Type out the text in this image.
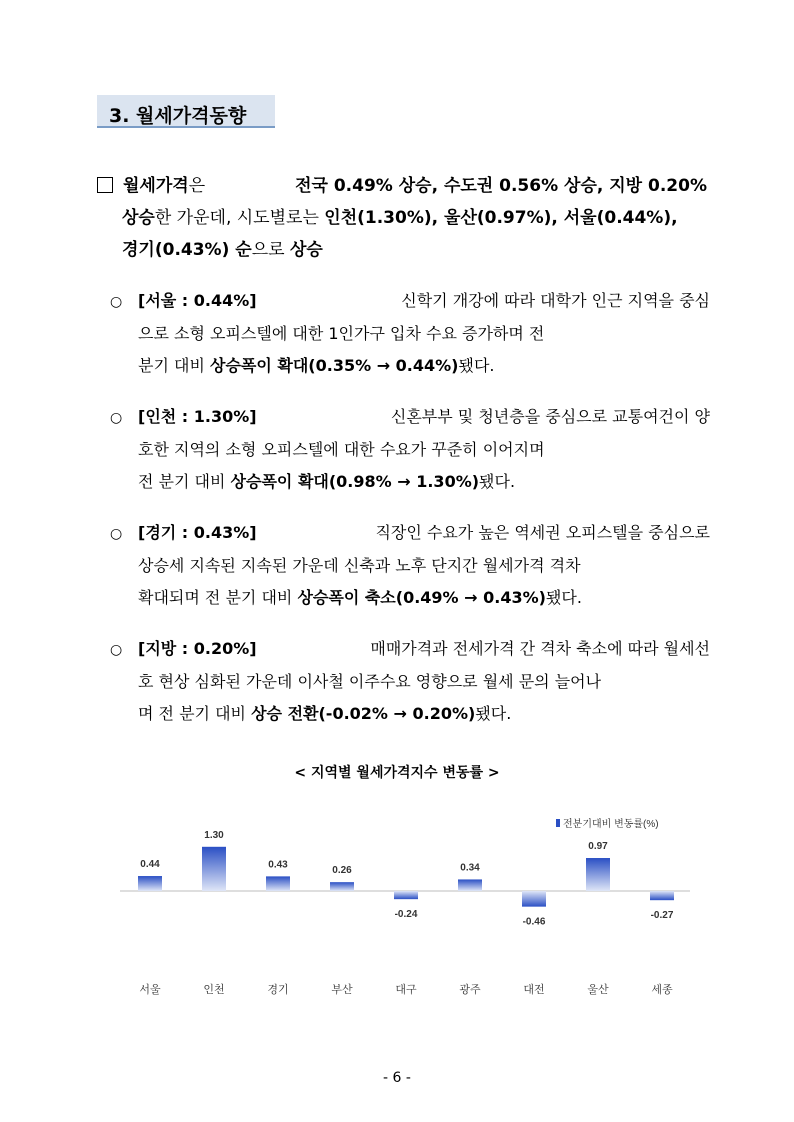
3. 월세가격동향
월세가격은	전국 0.49% 상승, 수도권 0.56% 상승, 지방 0.20%
상승한 가운데, 시도별로는 인천(1.30%), 울산(0.97%), 서울(0.44%),
경기(0.43%) 순으로 상승
○ [서울 : 0.44%]	신학기 개강에 따라 대학가 인근 지역을 중심
으로 소형 오피스텔에 대한 1인가구 입차 수요 증가하며 전
분기 대비 상승폭이 확대(0.35% → 0.44%)됐다.
○ [인천 : 1.30%]	신혼부부 및 청년층을 중심으로 교통여건이 양
호한 지역의 소형 오피스텔에 대한 수요가 꾸준히 이어지며
전 분기 대비 상승폭이 확대(0.98% → 1.30%)됐다.
○ [경기 : 0.43%]	직장인 수요가 높은 역세권 오피스텔을 중심으로
상승세 지속된 지속된 가운데 신축과 노후 단지간 월세가격 격차
확대되며 전 분기 대비 상승폭이 축소(0.49% → 0.43%)됐다.
○ [지방 : 0.20%]	매매가격과 전세가격 간 격차 축소에 따라 월세선
호 현상 심화된 가운데 이사철 이주수요 영향으로 월세 문의 늘어나
며 전 분기 대비 상승 전환(-0.02% → 0.20%)됐다.
< 지역별 월세가격지수 변동률 >
0.44
서울
1.30
인천
0.43
경기
0.26
부산
-0.24
대구
0.34
광주
-0.46
대전
0.97
울산
-0.27
세종
전분기대비 변동률(%)
- 6 -
